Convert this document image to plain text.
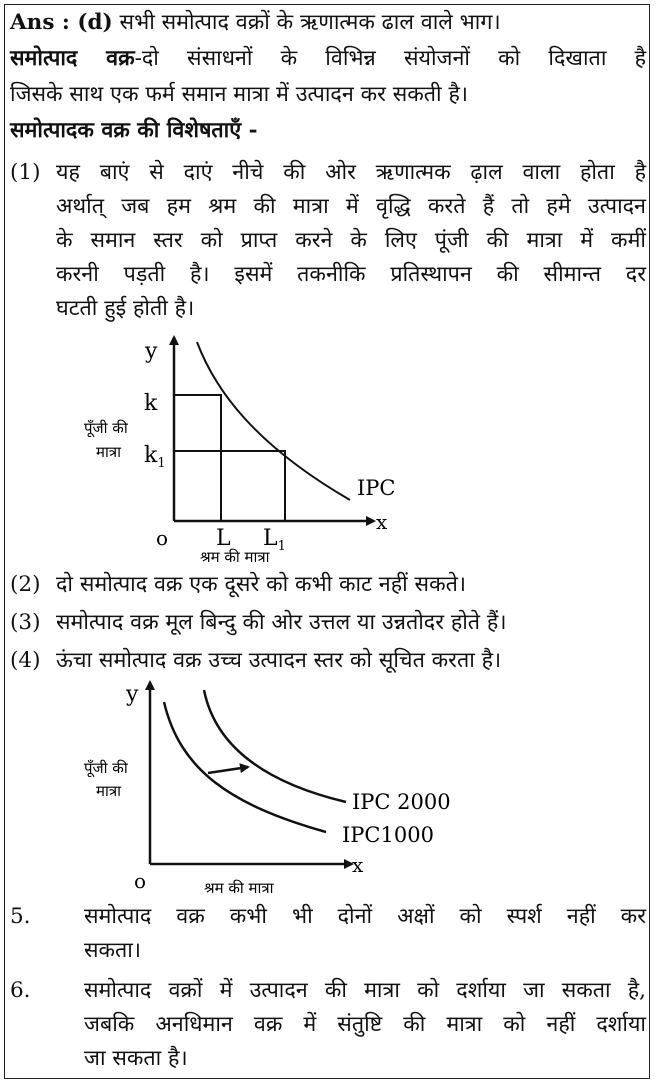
Ans : (d) सभी समोत्पाद वक्रों के ऋणात्मक ढाल वाले भाग।
समोत्पाद वक्र-दो संसाधनों के विभिन्न संयोजनों को दिखाता है
जिसके साथ एक फर्म समान मात्रा में उत्पादन कर सकती है।
समोत्पादक वक्र की विशेषताएँ -
(1) यह बाएं से दाएं नीचे की ओर ऋणात्मक ढ़ाल वाला होता है
अर्थात् जब हम श्रम की मात्रा में वृद्धि करते हैं तो हमे उत्पादन
के समान स्तर को प्राप्त करने के लिए पूंजी की मात्रा में कमीं
करनी पड़ती है। इसमें तकनीकि प्रतिस्थापन की सीमान्त दर
घटती हुई होती है।
y
x
k
$k_1$
पूँजी की
मात्रा
o L $L_1$
श्रम की मात्रा
IPC
(2) दो समोत्पाद वक्र एक दूसरे को कभी काट नहीं सकते।
(3) समोत्पाद वक्र मूल बिन्दु की ओर उत्तल या उन्नतोदर होते हैं।
(4) ऊंचा समोत्पाद वक्र उच्च उत्पादन स्तर को सूचित करता है।
y
x
पूँजी की
मात्रा
o	श्रम की मात्रा
IPC 2000
IPC1000
5. समोत्पाद वक्र कभी भी दोनों अक्षों को स्पर्श नहीं कर
सकता।
6. समोत्पाद वक्रों में उत्पादन की मात्रा को दर्शाया जा सकता है,
जबकि अनधिमान वक्र में संतुष्टि की मात्रा को नहीं दर्शाया
जा सकता है।
